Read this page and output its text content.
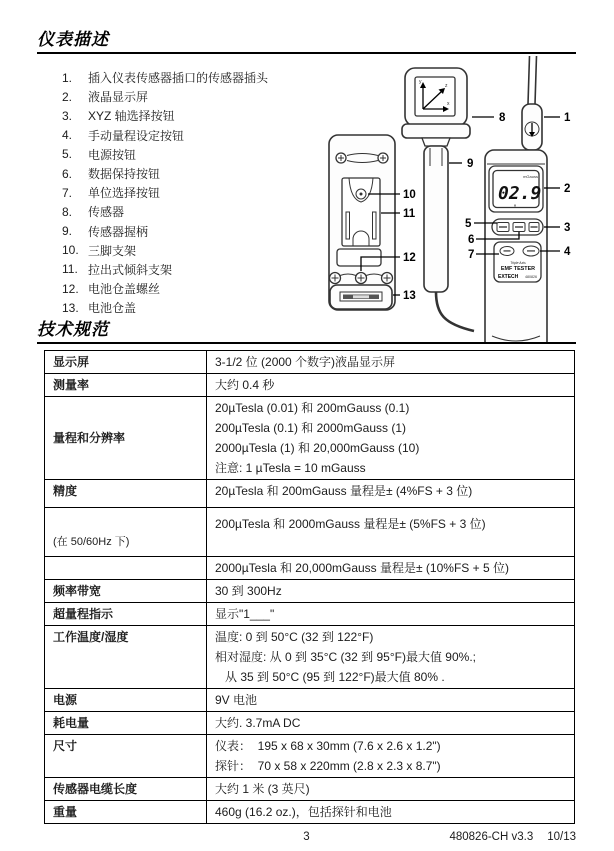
仪表描述
1.	插入仪表传感器插口的传感器插头
2.	液晶显示屏
3.	XYZ 轴选择按钮
4.	手动量程设定按钮
5.	电源按钮
6.	数据保持按钮
7.	单位选择按钮
8.	传感器
9.	传感器握柄
10. 三脚支架
11. 拉出式倾斜支架
12. 电池仓盖螺丝
13. 电池仓盖
y
x
z
mGauss
02.9
Triple Axis
EMF TESTER
EXTECH 480826
8	1
2
3
4
5
6
7
9
10
11
12
13
技术规范
显示屏	3-1/2 位 (2000 个数字)液晶显示屏

测量率	大约 0.4 秒

量程和分辨率	20µTesla (0.01) 和 200mGauss (0.1)
200µTesla (0.1) 和 2000mGauss (1)
2000µTesla (1) 和 20,000mGauss (10)
注意: 1 µTesla = 10 mGauss

精度	20µTesla 和 200mGauss 量程是± (4%FS + 3 位)

(在 50/60Hz 下)	200µTesla 和 2000mGauss 量程是± (5%FS + 3 位)

	2000µTesla 和 20,000mGauss 量程是± (10%FS + 5 位)

频率带宽	30 到 300Hz

超量程指示	显示"1___"

工作温度/湿度	温度: 0 到 50°C (32 到 122°F)
相对湿度: 从 0 到 35°C (32 到 95°F)最大值 90%.;
从 35 到 50°C (95 到 122°F)最大值 80% .

电源	9V 电池

耗电量	大约. 3.7mA DC

尺寸	仪表：  195 x 68 x 30mm (7.6 x 2.6 x 1.2")
探针：  70 x 58 x 220mm (2.8 x 2.3 x 8.7")

传感器电缆长度	大约 1 米 (3 英尺)

重量	460g (16.2 oz.)，包括探针和电池
3	480826-CH v3.3 10/13
